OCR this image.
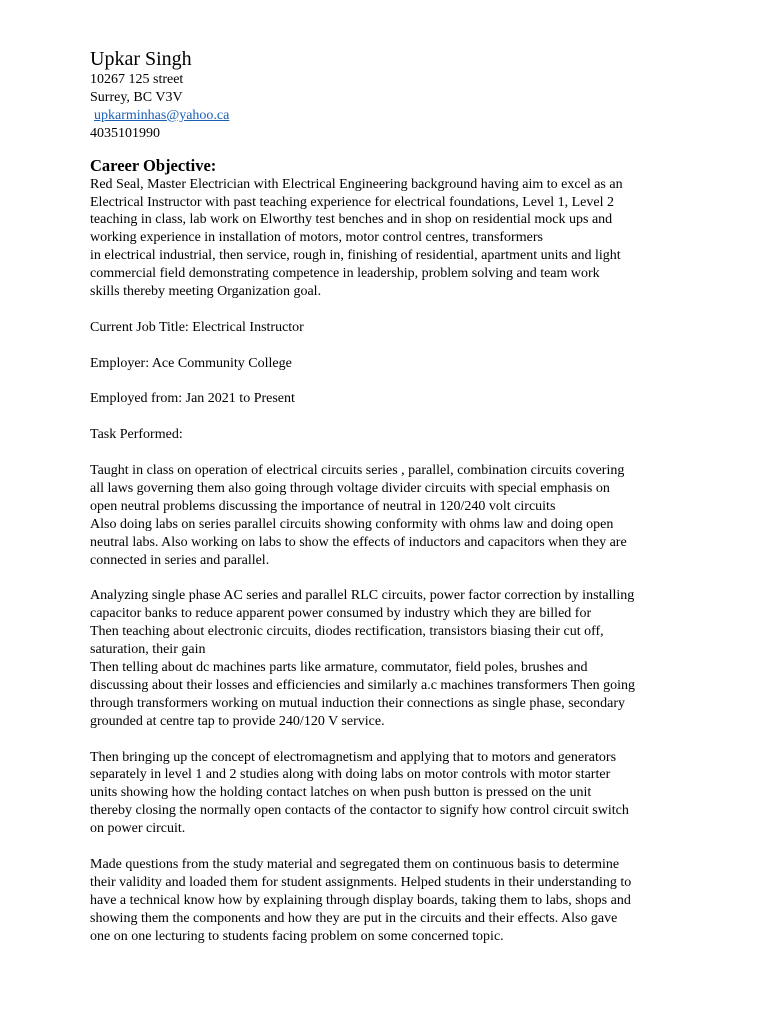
Upkar Singh
10267 125 street
Surrey, BC V3V
upkarminhas@yahoo.ca
4035101990
Career Objective:
Red Seal, Master Electrician with Electrical Engineering background having aim to excel as an
Electrical Instructor with past teaching experience for electrical foundations, Level 1, Level 2
teaching in class, lab work on Elworthy test benches and in shop on residential mock ups and
working experience in installation of motors, motor control centres, transformers
in electrical industrial, then service, rough in, finishing of residential, apartment units and light
commercial field demonstrating competence in leadership, problem solving and team work
skills thereby meeting Organization goal.
Current Job Title: Electrical Instructor
Employer: Ace Community College
Employed from: Jan 2021 to Present
Task Performed:
Taught in class on operation of electrical circuits series , parallel, combination circuits covering
all laws governing them also going through voltage divider circuits with special emphasis on
open neutral problems discussing the importance of neutral in 120/240 volt circuits
Also doing labs on series parallel circuits showing conformity with ohms law and doing open
neutral labs. Also working on labs to show the effects of inductors and capacitors when they are
connected in series and parallel.
Analyzing single phase AC series and parallel RLC circuits, power factor correction by installing
capacitor banks to reduce apparent power consumed by industry which they are billed for
Then teaching about electronic circuits, diodes rectification, transistors biasing their cut off,
saturation, their gain
Then telling about dc machines parts like armature, commutator, field poles, brushes and
discussing about their losses and efficiencies and similarly a.c machines transformers Then going
through transformers working on mutual induction their connections as single phase, secondary
grounded at centre tap to provide 240/120 V service.
Then bringing up the concept of electromagnetism and applying that to motors and generators
separately in level 1 and 2 studies along with doing labs on motor controls with motor starter
units showing how the holding contact latches on when push button is pressed on the unit
thereby closing the normally open contacts of the contactor to signify how control circuit switch
on power circuit.
Made questions from the study material and segregated them on continuous basis to determine
their validity and loaded them for student assignments. Helped students in their understanding to
have a technical know how by explaining through display boards, taking them to labs, shops and
showing them the components and how they are put in the circuits and their effects. Also gave
one on one lecturing to students facing problem on some concerned topic.
